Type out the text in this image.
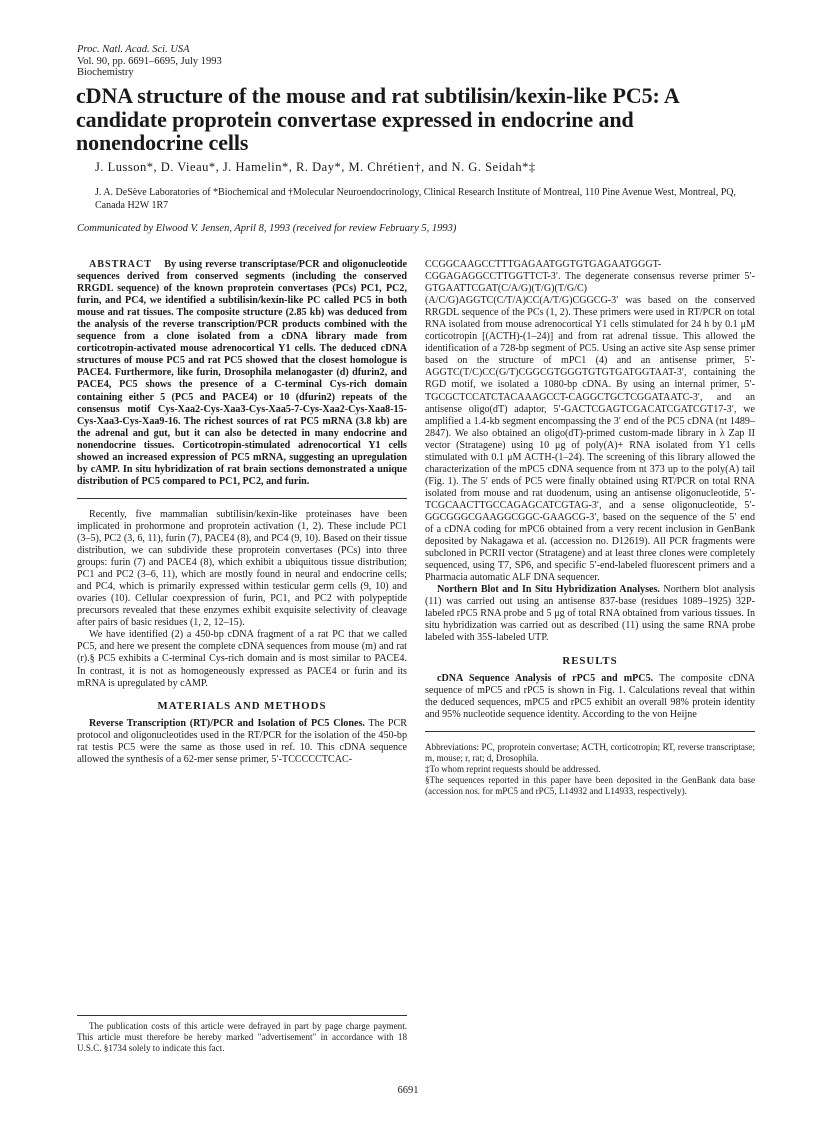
Proc. Natl. Acad. Sci. USA
Vol. 90, pp. 6691–6695, July 1993
Biochemistry
cDNA structure of the mouse and rat subtilisin/kexin-like PC5: A candidate proprotein convertase expressed in endocrine and nonendocrine cells
J. Lusson*, D. Vieau*, J. Hamelin*, R. Day*, M. Chrétien†, and N. G. Seidah*‡
J. A. DeSève Laboratories of *Biochemical and †Molecular Neuroendocrinology, Clinical Research Institute of Montreal, 110 Pine Avenue West, Montreal, PQ, Canada H2W 1R7
Communicated by Elwood V. Jensen, April 8, 1993 (received for review February 5, 1993)

ABSTRACT By using reverse transcriptase/PCR and oligonucleotide sequences derived from conserved segments (including the conserved RRGDL sequence) of the known proprotein convertases (PCs) PC1, PC2, furin, and PC4, we identified a subtilisin/kexin-like PC called PC5 in both mouse and rat tissues. The composite structure (2.85 kb) was deduced from the analysis of the reverse transcription/PCR products combined with the sequence from a clone isolated from a cDNA library made from corticotropin-activated mouse adrenocortical Y1 cells. The deduced cDNA structures of mouse PC5 and rat PC5 showed that the closest homologue is PACE4. Furthermore, like furin, Drosophila melanogaster (d) dfurin2, and PACE4, PC5 shows the presence of a C-terminal Cys-rich domain containing either 5 (PC5 and PACE4) or 10 (dfurin2) repeats of the consensus motif Cys-Xaa2-Cys-Xaa3-Cys-Xaa5-7-Cys-Xaa2-Cys-Xaa8-15-Cys-Xaa3-Cys-Xaa9-16. The richest sources of rat PC5 mRNA (3.8 kb) are the adrenal and gut, but it can also be detected in many endocrine and nonendocrine tissues. Corticotropin-stimulated adrenocortical Y1 cells showed an increased expression of PC5 mRNA, suggesting an upregulation by cAMP. In situ hybridization of rat brain sections demonstrated a unique distribution of PC5 compared to PC1, PC2, and furin.

Recently, five mammalian subtilisin/kexin-like proteinases have been implicated in prohormone and proprotein activation (1, 2). These include PC1 (3–5), PC2 (3, 6, 11), furin (7), PACE4 (8), and PC4 (9, 10). Based on their tissue distribution, we can subdivide these proprotein convertases (PCs) into three groups: furin (7) and PACE4 (8), which exhibit a ubiquitous tissue distribution; PC1 and PC2 (3–6, 11), which are mostly found in neural and endocrine cells; and PC4, which is primarily expressed within testicular germ cells (9, 10) and ovaries (10). Cellular coexpression of furin, PC1, and PC2 with polypeptide precursors revealed that these enzymes exhibit exquisite selectivity of cleavage after pairs of basic residues (1, 2, 12–15).

We have identified (2) a 450-bp cDNA fragment of a rat PC that we called PC5, and here we present the complete cDNA sequences from mouse (m) and rat (r).§ PC5 exhibits a C-terminal Cys-rich domain and is most similar to PACE4. In contrast, it is not as homogeneously expressed as PACE4 or furin and its mRNA is upregulated by cAMP.

MATERIALS AND METHODS

Reverse Transcription (RT)/PCR and Isolation of PC5 Clones. The PCR protocol and oligonucleotides used in the RT/PCR for the isolation of the 450-bp rat testis PC5 were the same as those used in ref. 10. This cDNA sequence allowed the synthesis of a 62-mer sense primer, 5′-TCCCCCTCAC-

The publication costs of this article were defrayed in part by page charge payment. This article must therefore be hereby marked "advertisement" in accordance with 18 U.S.C. §1734 solely to indicate this fact.

CCGGCAAGCCTTTGAGAATGGTGTGAGAATGGGT-CGGAGAGGCCTTGGTTCT-3′. The degenerate consensus reverse primer 5′-GTGAATTCGAT(C/A/G)(T/G)(T/G/C)(A/C/G)AGGTC(C/T/A)CC(A/T/G)CGGCG-3′ was based on the conserved RRGDL sequence of the PCs (1, 2). These primers were used in RT/PCR on total RNA isolated from mouse adrenocortical Y1 cells stimulated for 24 h by 0.1 μM corticotropin [(ACTH)-(1–24)] and from rat adrenal tissue. This allowed the identification of a 728-bp segment of PC5. Using an active site Asp sense primer based on the structure of mPC1 (4) and an antisense primer, 5′-AGGTC(T/C)CC(G/T)CGGCGTGGGTGTGTGATGGTAAT-3′, containing the RGD motif, we isolated a 1080-bp cDNA. By using an internal primer, 5′-TGCGCTCCATCTACAAAGCCT-CAGGCTGCTCGGATAATC-3′, and an antisense oligo(dT) adaptor, 5′-GACTCGAGTCGACATCGATCGT17-3′, we amplified a 1.4-kb segment encompassing the 3′ end of the PC5 cDNA (nt 1489–2847). We also obtained an oligo(dT)-primed custom-made library in λ Zap II vector (Stratagene) using 10 μg of poly(A)+ RNA isolated from Y1 cells stimulated with 0.1 μM ACTH-(1–24). The screening of this library allowed the characterization of the mPC5 cDNA sequence from nt 373 up to the poly(A) tail (Fig. 1). The 5′ ends of PC5 were finally obtained using RT/PCR on total RNA isolated from mouse and rat duodenum, using an antisense oligonucleotide, 5′-TCGCAACTTGCCAGAGCATCGTAG-3′, and a sense oligonucleotide, 5′-GGCGGGCGAAGGCGGC-GAAGCG-3′, based on the sequence of the 5′ end of a cDNA coding for mPC6 obtained from a very recent inclusion in GenBank deposited by Nakagawa et al. (accession no. D12619). All PCR fragments were subcloned in PCRII vector (Stratagene) and at least three clones were completely sequenced, using T7, SP6, and specific 5′-end-labeled fluorescent primers and a Pharmacia automatic ALF DNA sequencer.

Northern Blot and In Situ Hybridization Analyses. Northern blot analysis (11) was carried out using an antisense 837-base (residues 1089–1925) 32P-labeled rPC5 RNA probe and 5 μg of total RNA obtained from various tissues. In situ hybridization was carried out as described (11) using the same RNA probe labeled with 35S-labeled UTP.

RESULTS

cDNA Sequence Analysis of rPC5 and mPC5. The composite cDNA sequence of mPC5 and rPC5 is shown in Fig. 1. Calculations reveal that within the deduced sequences, mPC5 and rPC5 exhibit an overall 98% protein identity and 95% nucleotide sequence identity. According to the von Heijne

Abbreviations: PC, proprotein convertase; ACTH, corticotropin; RT, reverse transcriptase; m, mouse; r, rat; d, Drosophila.

‡To whom reprint requests should be addressed.

§The sequences reported in this paper have been deposited in the GenBank data base (accession nos. for mPC5 and rPC5, L14932 and L14933, respectively).

6691
